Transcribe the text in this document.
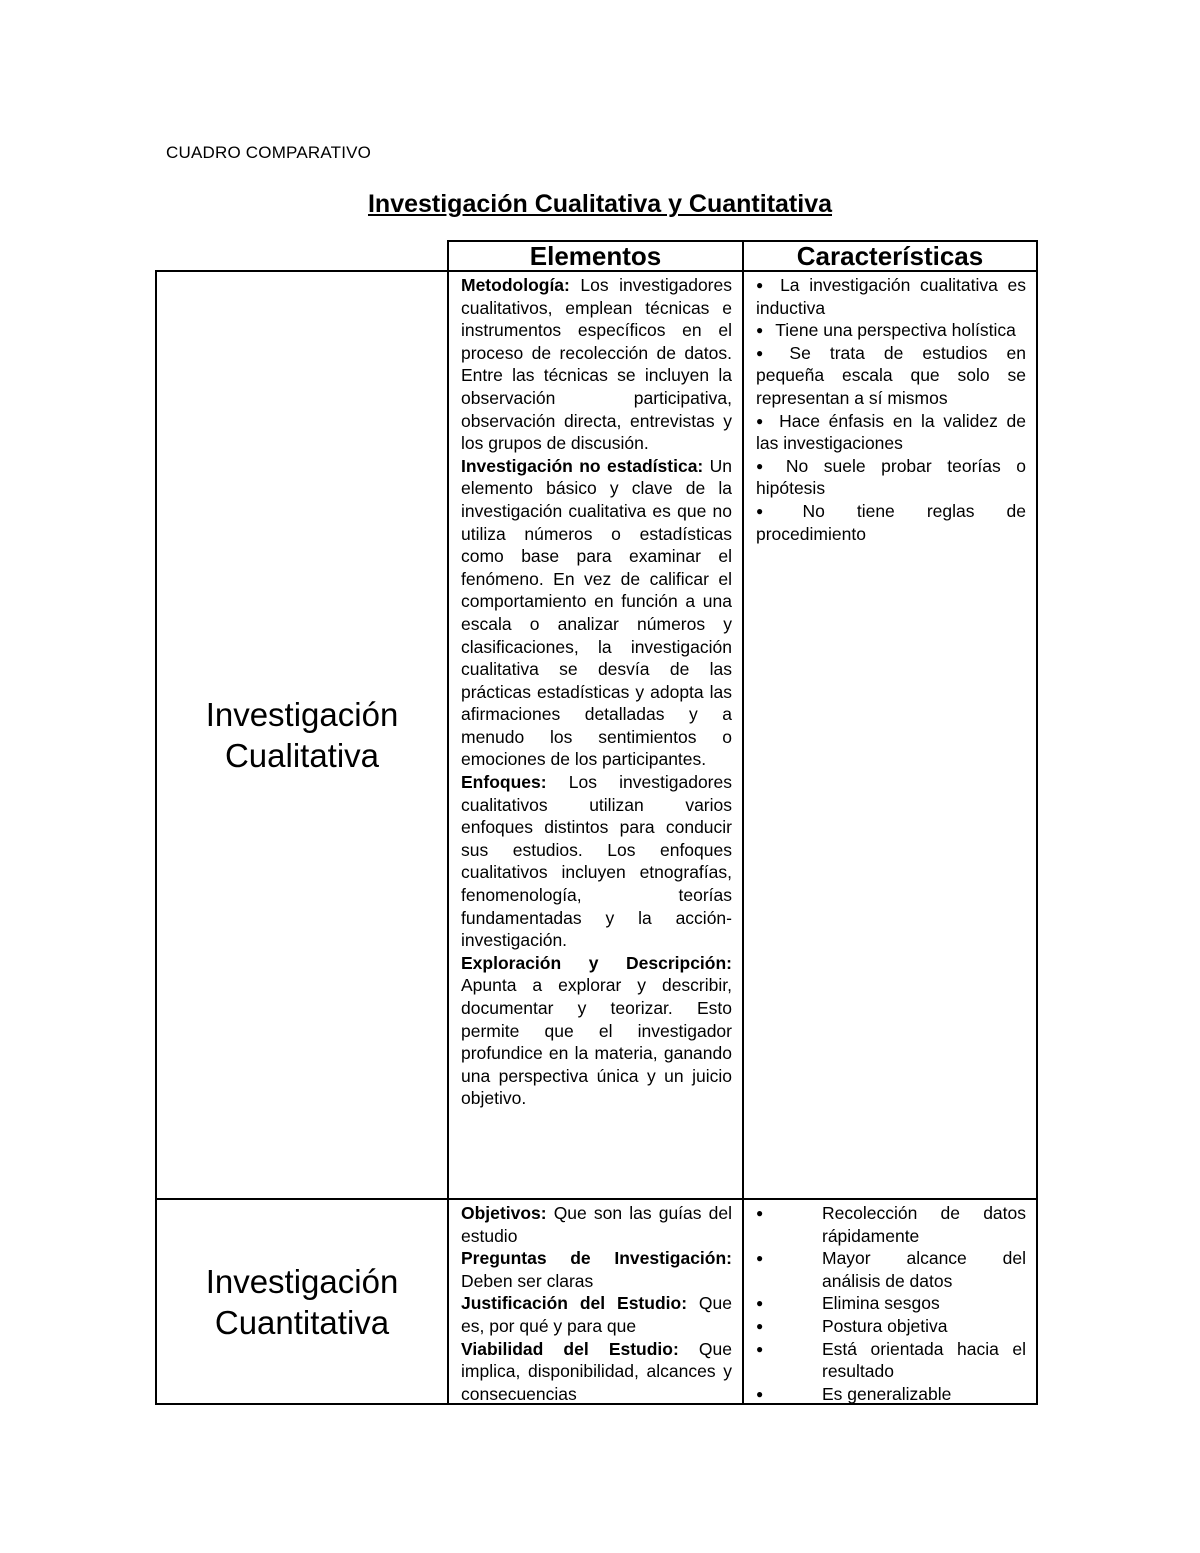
CUADRO COMPARATIVO
Investigación Cualitativa y Cuantitativa
Elementos	Características
Investigación
Cualitativa

Metodología: Los investigadores cualitativos, emplean técnicas e instrumentos específicos en el proceso de recolección de datos. Entre las técnicas se incluyen la observación participativa, observación directa, entrevistas y los grupos de discusión.

Investigación no estadística: Un elemento básico y clave de la investigación cualitativa es que no utiliza números o estadísticas como base para examinar el fenómeno. En vez de calificar el comportamiento en función a una escala o analizar números y clasificaciones, la investigación cualitativa se desvía de las prácticas estadísticas y adopta las afirmaciones detalladas y a menudo los sentimientos o emociones de los participantes.

Enfoques: Los investigadores cualitativos utilizan varios enfoques distintos para conducir sus estudios. Los enfoques cualitativos incluyen etnografías, fenomenología, teorías fundamentadas y la acción-investigación.

Exploración y Descripción: Apunta a explorar y describir, documentar y teorizar. Esto permite que el investigador profundice en la materia, ganando una perspectiva única y un juicio objetivo.

● La investigación cualitativa es inductiva
● Tiene una perspectiva holística
● Se trata de estudios en pequeña escala que solo se representan a sí mismos
● Hace énfasis en la validez de las investigaciones
● No suele probar teorías o hipótesis
● No tiene reglas de procedimiento
Investigación
Cuantitativa

Objetivos: Que son las guías del estudio

Preguntas de Investigación: Deben ser claras

Justificación del Estudio: Que es, por qué y para que

Viabilidad del Estudio: Que implica, disponibilidad, alcances y consecuencias

● Recolección de datos rápidamente
● Mayor alcance del análisis de datos
● Elimina sesgos
● Postura objetiva
● Está orientada hacia el resultado
● Es generalizable
